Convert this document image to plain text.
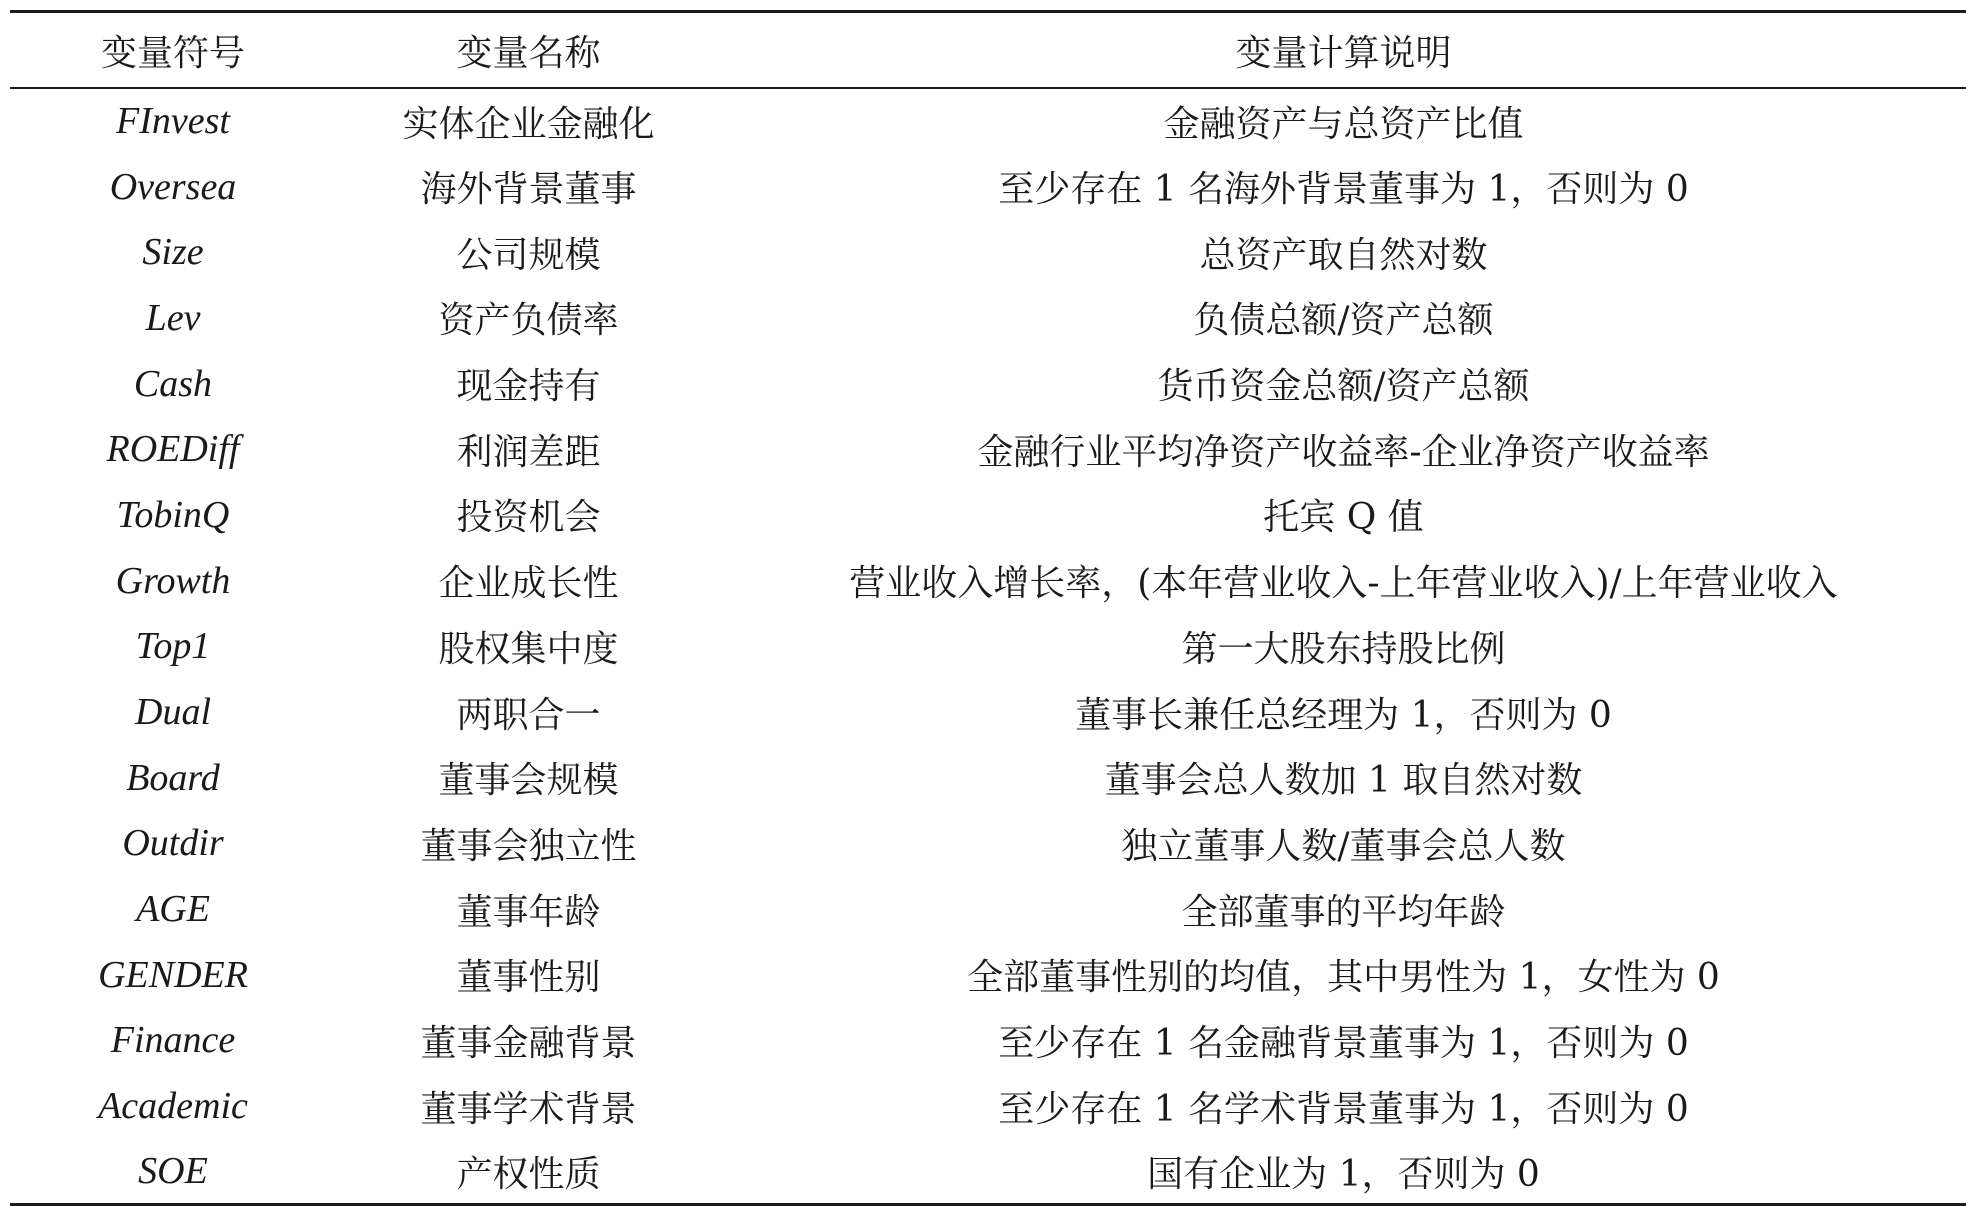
变量符号	变量名称	变量计算说明
FInvest	实体企业金融化	金融资产与总资产比值
Oversea	海外背景董事	至少存在 1 名海外背景董事为 1，否则为 0
Size	公司规模	总资产取自然对数
Lev	资产负债率	负债总额/资产总额
Cash	现金持有	货币资金总额/资产总额
ROEDiff	利润差距	金融行业平均净资产收益率-企业净资产收益率
TobinQ	投资机会	托宾 Q 值
Growth	企业成长性	营业收入增长率，(本年营业收入-上年营业收入)/上年营业收入
Top1	股权集中度	第一大股东持股比例
Dual	两职合一	董事长兼任总经理为 1，否则为 0
Board	董事会规模	董事会总人数加 1 取自然对数
Outdir	董事会独立性	独立董事人数/董事会总人数
AGE	董事年龄	全部董事的平均年龄
GENDER	董事性别	全部董事性别的均值，其中男性为 1，女性为 0
Finance	董事金融背景	至少存在 1 名金融背景董事为 1，否则为 0
Academic	董事学术背景	至少存在 1 名学术背景董事为 1，否则为 0
SOE	产权性质	国有企业为 1，否则为 0
